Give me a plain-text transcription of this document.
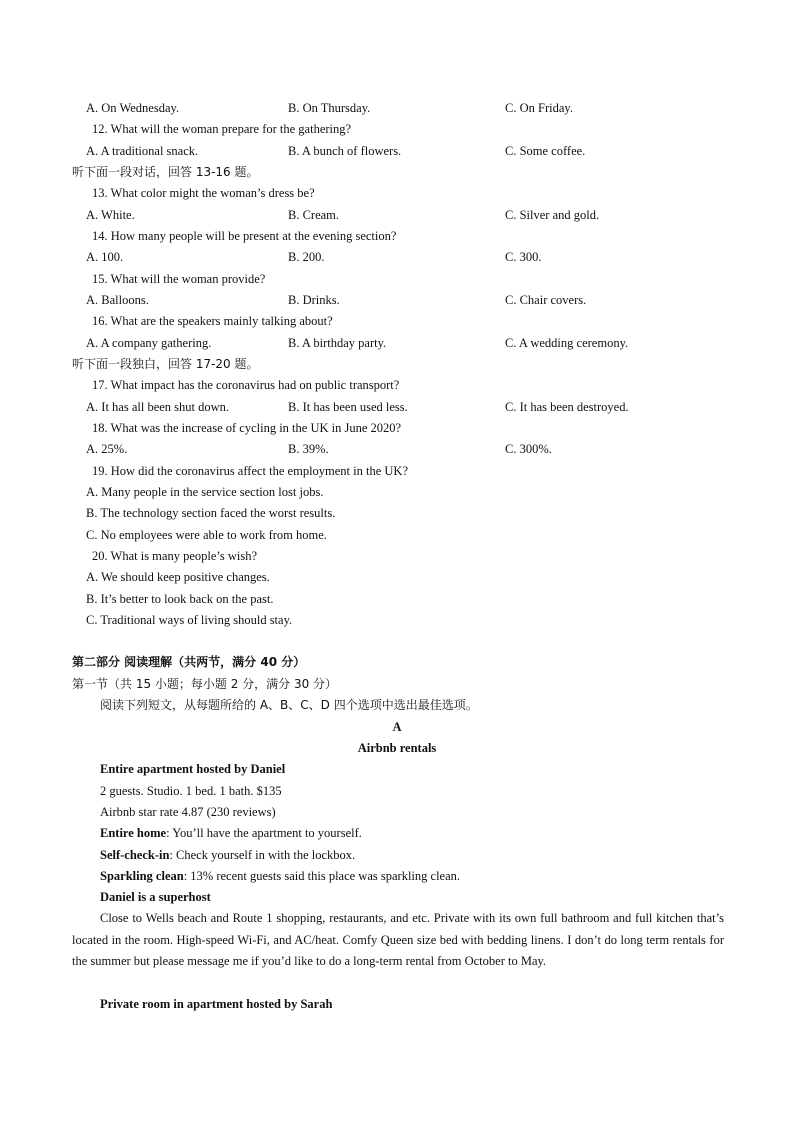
A. On Wednesday.	B. On Thursday.	C. On Friday.
12. What will the woman prepare for the gathering?
A. A traditional snack.	B. A bunch of flowers.	C. Some coffee.
听下面一段对话，回答 13-16 题。
13. What color might the woman’s dress be?
A. White.	B. Cream.	C. Silver and gold.
14. How many people will be present at the evening section?
A. 100.	B. 200.	C. 300.
15. What will the woman provide?
A. Balloons.	B. Drinks.	C. Chair covers.
16. What are the speakers mainly talking about?
A. A company gathering.	B. A birthday party.	C. A wedding ceremony.
听下面一段独白，回答 17-20 题。
17. What impact has the coronavirus had on public transport?
A. It has all been shut down.	B. It has been used less.	C. It has been destroyed.
18. What was the increase of cycling in the UK in June 2020?
A. 25%.	B. 39%.	C. 300%.
19. How did the coronavirus affect the employment in the UK?
A. Many people in the service section lost jobs.
B. The technology section faced the worst results.
C. No employees were able to work from home.
20. What is many people’s wish?
A. We should keep positive changes.
B. It’s better to look back on the past.
C. Traditional ways of living should stay.
第二部分 阅读理解（共两节，满分 40 分）
第一节（共 15 小题；每小题 2 分，满分 30 分）
阅读下列短文，从每题所给的 A、B、C、D 四个选项中选出最佳选项。
A
Airbnb rentals
Entire apartment hosted by Daniel
2 guests. Studio. 1 bed. 1 bath. $135
Airbnb star rate 4.87 (230 reviews)
Entire home: You’ll have the apartment to yourself.
Self-check-in: Check yourself in with the lockbox.
Sparkling clean: 13% recent guests said this place was sparkling clean.
Daniel is a superhost
Close to Wells beach and Route 1 shopping, restaurants, and etc. Private with its own full bathroom and full kitchen that’s located in the room. High-speed Wi-Fi, and AC/heat. Comfy Queen size bed with bedding linens. I don’t do long term rentals for the summer but please message me if you’d like to do a long-term rental from October to May.
Private room in apartment hosted by Sarah
